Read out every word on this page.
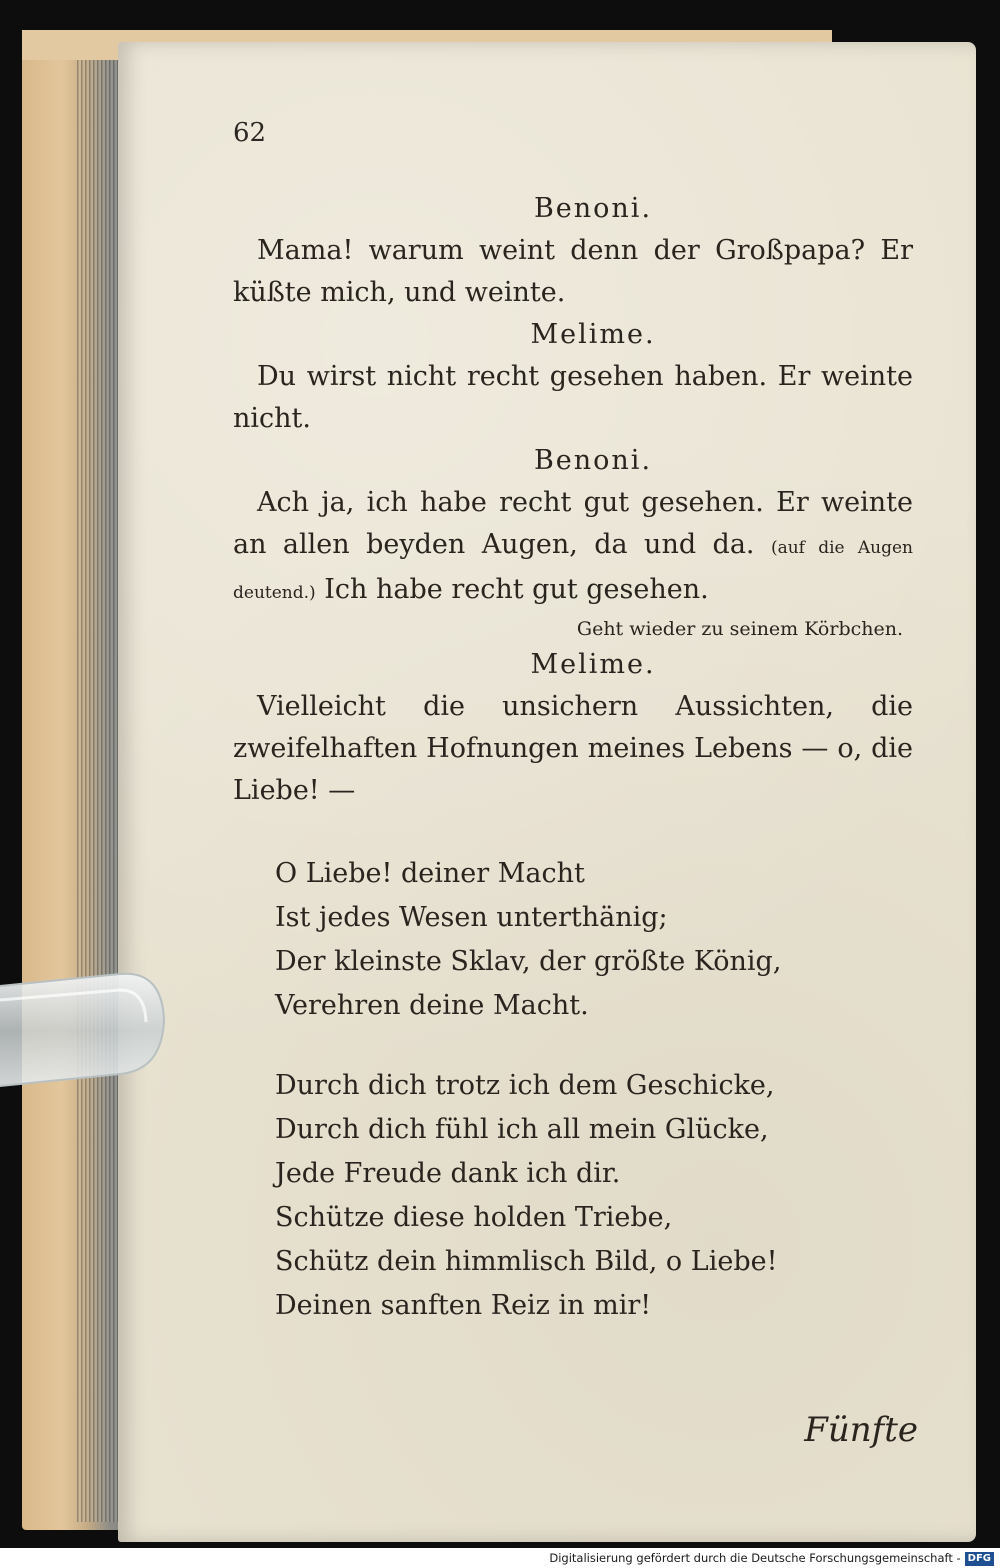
62
Benoni.

Mama! warum weint denn der Großpapa? Er küßte mich, und weinte.

Melime.

Du wirst nicht recht gesehen haben. Er weinte nicht.

Benoni.

Ach ja, ich habe recht gut gesehen. Er weinte an allen beyden Augen, da und da. (auf die Augen deutend.) Ich habe recht gut gesehen.

Geht wieder zu seinem Körbchen.
Melime.

Vielleicht die unsichern Aussichten, die zweifelhaften Hofnungen meines Lebens — o, die Liebe! —

O Liebe! deiner Macht
Ist jedes Wesen unterthänig;
Der kleinste Sklav, der größte König,
Verehren deine Macht.
Durch dich trotz ich dem Geschicke,
Durch dich fühl ich all mein Glücke,
Jede Freude dank ich dir.
Schütze diese holden Triebe,
Schütz dein himmlisch Bild, o Liebe!
Deinen sanften Reiz in mir!
Fünfte
Digitalisierung gefördert durch die Deutsche Forschungsgemeinschaft - DFG
